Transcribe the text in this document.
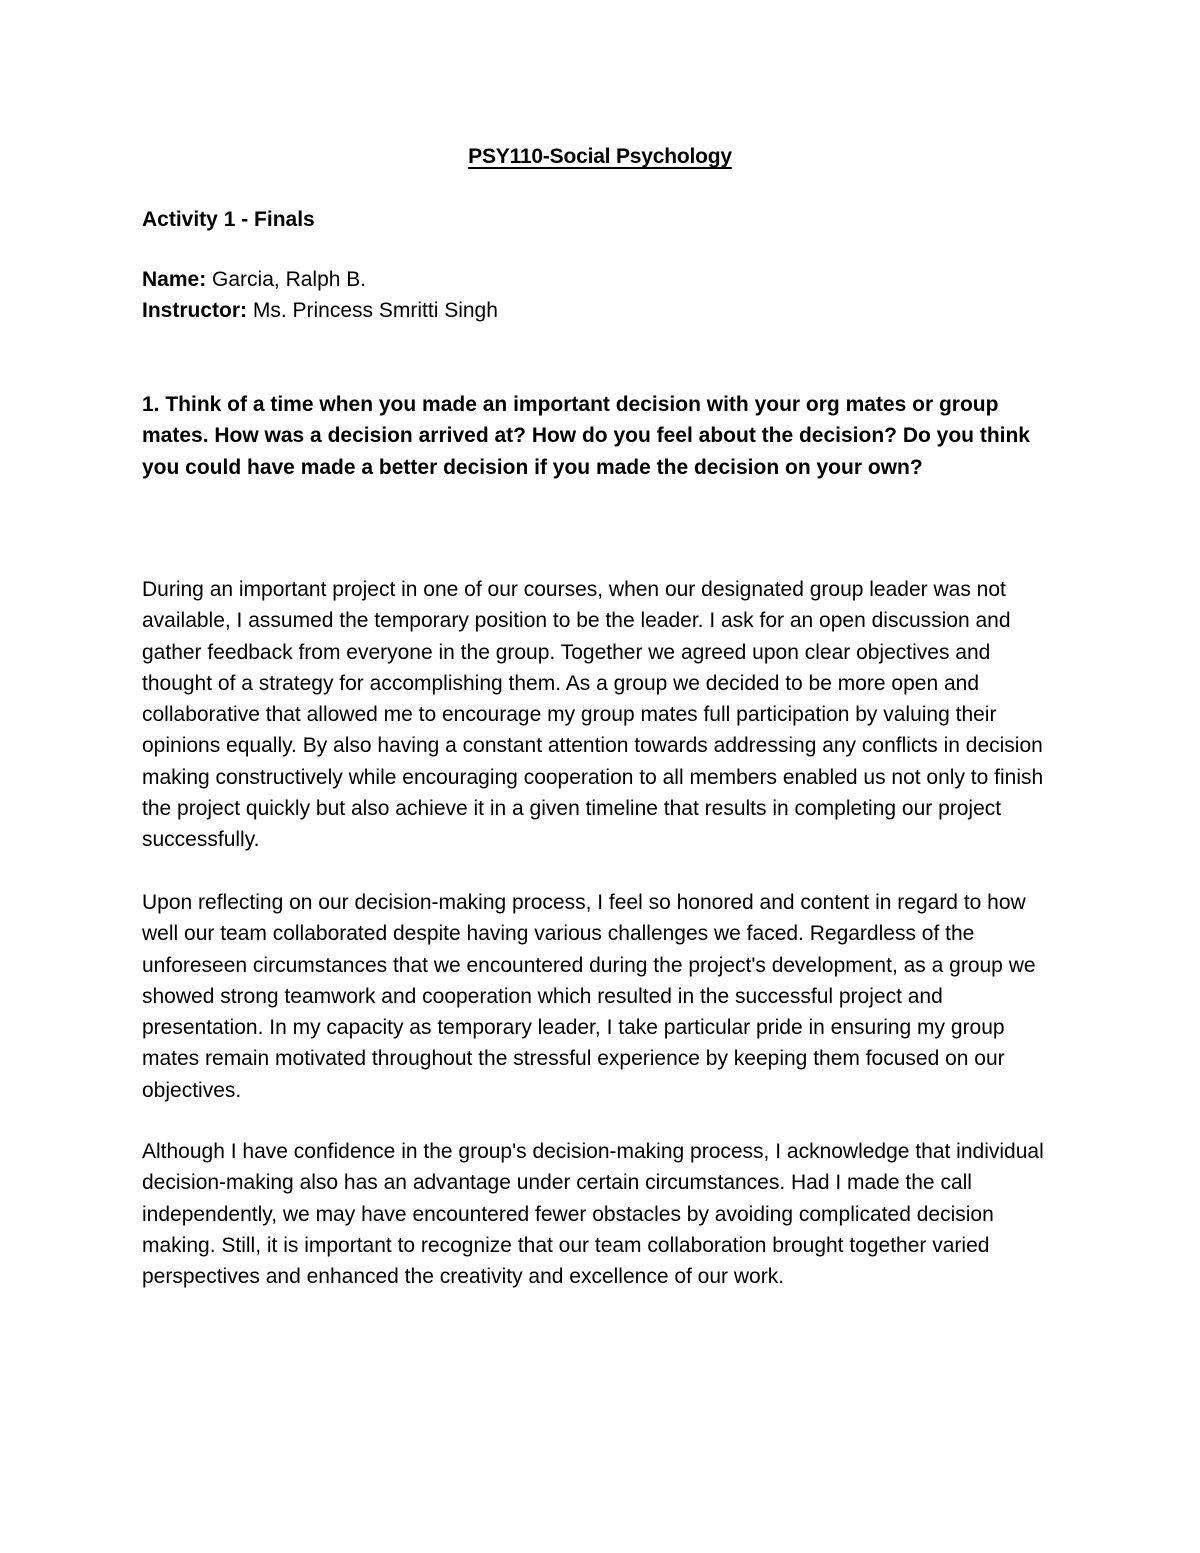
PSY110-Social Psychology
Activity 1 - Finals
Name: Garcia, Ralph B.
Instructor: Ms. Princess Smritti Singh
1. Think of a time when you made an important decision with your org mates or group mates. How was a decision arrived at? How do you feel about the decision? Do you think you could have made a better decision if you made the decision on your own?

During an important project in one of our courses, when our designated group leader was not available, I assumed the temporary position to be the leader. I ask for an open discussion and gather feedback from everyone in the group. Together we agreed upon clear objectives and thought of a strategy for accomplishing them. As a group we decided to be more open and collaborative that allowed me to encourage my group mates full participation by valuing their opinions equally. By also having a constant attention towards addressing any conflicts in decision making constructively while encouraging cooperation to all members enabled us not only to finish the project quickly but also achieve it in a given timeline that results in completing our project successfully.

Upon reflecting on our decision-making process, I feel so honored and content in regard to how well our team collaborated despite having various challenges we faced. Regardless of the unforeseen circumstances that we encountered during the project's development, as a group we showed strong teamwork and cooperation which resulted in the successful project and presentation. In my capacity as temporary leader, I take particular pride in ensuring my group mates remain motivated throughout the stressful experience by keeping them focused on our objectives.

Although I have confidence in the group's decision-making process, I acknowledge that individual decision-making also has an advantage under certain circumstances. Had I made the call independently, we may have encountered fewer obstacles by avoiding complicated decision making. Still, it is important to recognize that our team collaboration brought together varied perspectives and enhanced the creativity and excellence of our work.
